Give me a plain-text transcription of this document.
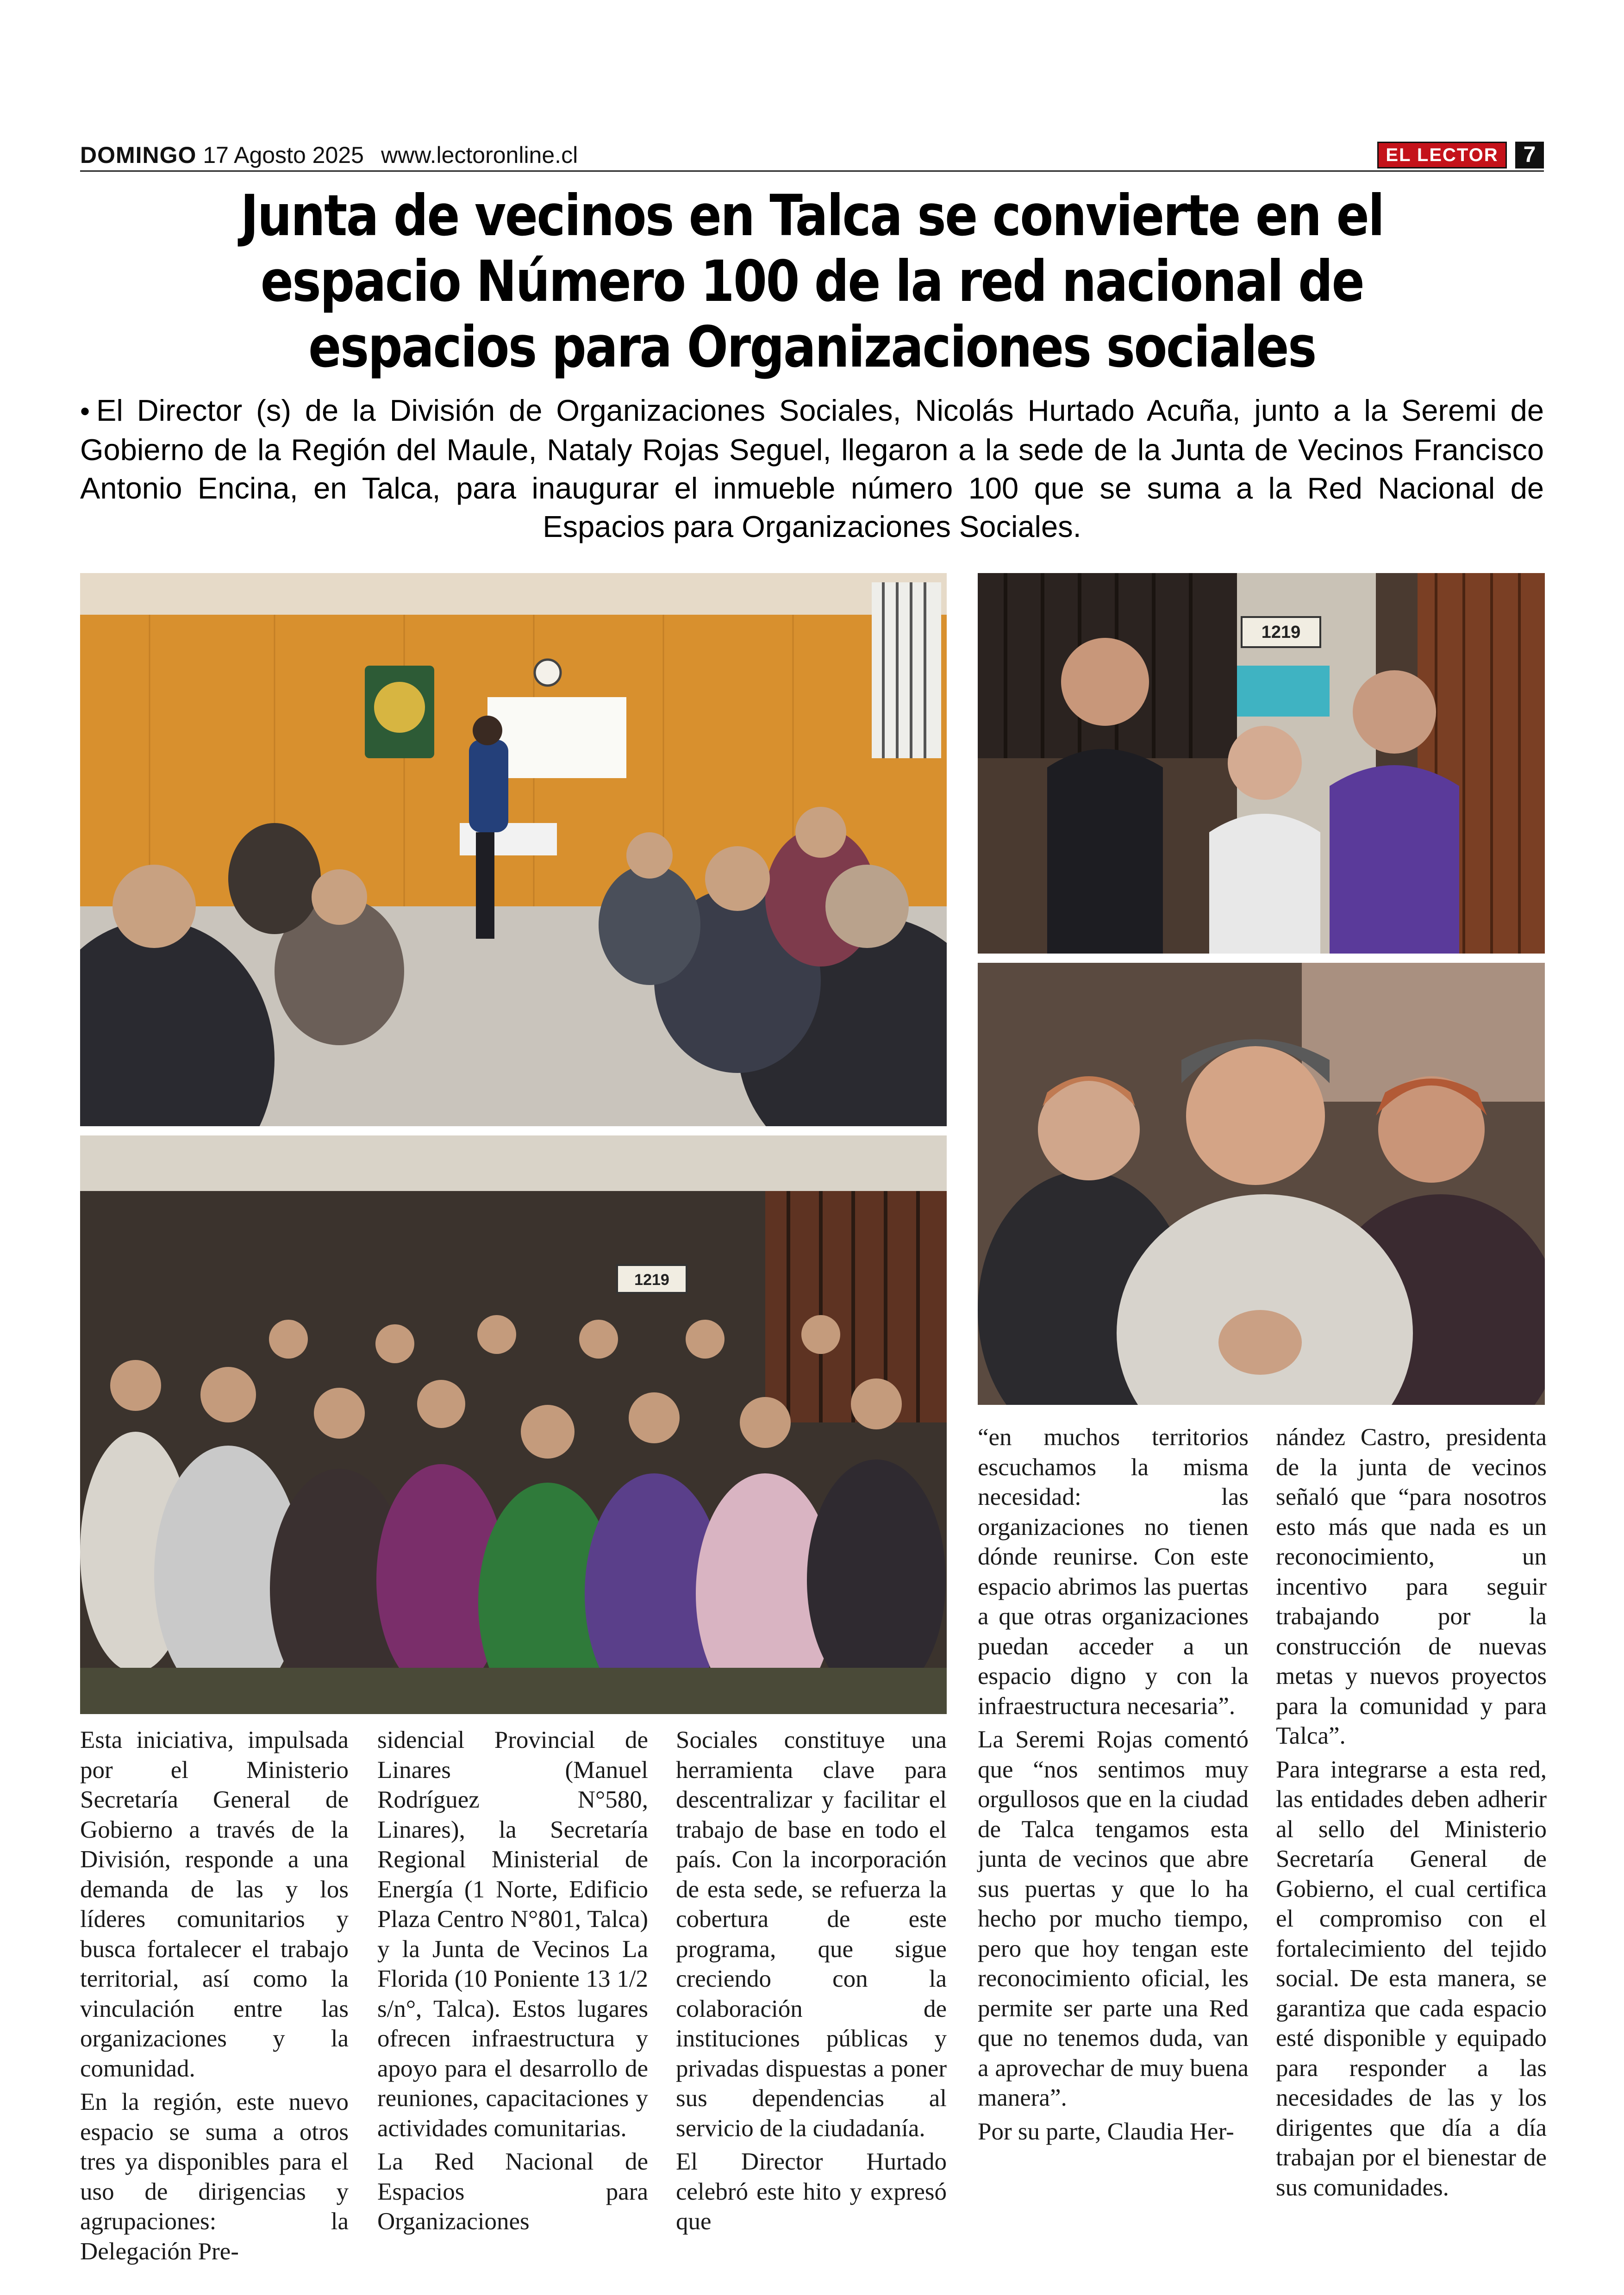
DOMINGO 17 Agosto 2025 www.lectoronline.cl	EL LECTOR	7
Junta de vecinos en Talca se convierte en el espacio Número 100 de la red nacional de espacios para Organizaciones sociales
• El Director (s) de la División de Organizaciones Sociales, Nicolás Hurtado Acuña, junto a la Seremi de Gobierno de la Región del Maule, Nataly Rojas Seguel, llegaron a la sede de la Junta de Vecinos Francisco Antonio Encina, en Talca, para inaugurar el inmueble número 100 que se suma a la Red Nacional de Espacios para Organizaciones Sociales.
1219
1219

Esta iniciativa, impulsada por el Ministerio Secretaría General de Gobierno a través de la División, responde a una demanda de las y los líderes comunitarios y busca fortalecer el trabajo territorial, así como la vinculación entre las organizaciones y la comunidad.

En la región, este nuevo espacio se suma a otros tres ya disponibles para el uso de dirigencias y agrupaciones: la Delegación Pre-

sidencial Provincial de Linares (Manuel Rodríguez N°580, Linares), la Secretaría Regional Ministerial de Energía (1 Norte, Edificio Plaza Centro N°801, Talca) y la Junta de Vecinos La Florida (10 Poniente 13 1/2 s/n°, Talca). Estos lugares ofrecen infraestructura y apoyo para el desarrollo de reuniones, capacitaciones y actividades comunitarias.

La Red Nacional de Espacios para Organizaciones

Sociales constituye una herramienta clave para descentralizar y facilitar el trabajo de base en todo el país. Con la incorporación de esta sede, se refuerza la cobertura de este programa, que sigue creciendo con la colaboración de instituciones públicas y privadas dispuestas a poner sus dependencias al servicio de la ciudadanía.

El Director Hurtado celebró este hito y expresó que

“en muchos territorios escuchamos la misma necesidad: las organizaciones no tienen dónde reunirse. Con este espacio abrimos las puertas a que otras organizaciones puedan acceder a un espacio digno y con la infraestructura necesaria”.

La Seremi Rojas comentó que “nos sentimos muy orgullosos que en la ciudad de Talca tengamos esta junta de vecinos que abre sus puertas y que lo ha hecho por mucho tiempo, pero que hoy tengan este reconocimiento oficial, les permite ser parte una Red que no tenemos duda, van a aprovechar de muy buena manera”.

Por su parte, Claudia Her-

nández Castro, presidenta de la junta de vecinos señaló que “para nosotros esto más que nada es un reconocimiento, un incentivo para seguir trabajando por la construcción de nuevas metas y nuevos proyectos para la comunidad y para Talca”.

Para integrarse a esta red, las entidades deben adherir al sello del Ministerio Secretaría General de Gobierno, el cual certifica el compromiso con el fortalecimiento del tejido social. De esta manera, se garantiza que cada espacio esté disponible y equipado para responder a las necesidades de las y los dirigentes que día a día trabajan por el bienestar de sus comunidades.
